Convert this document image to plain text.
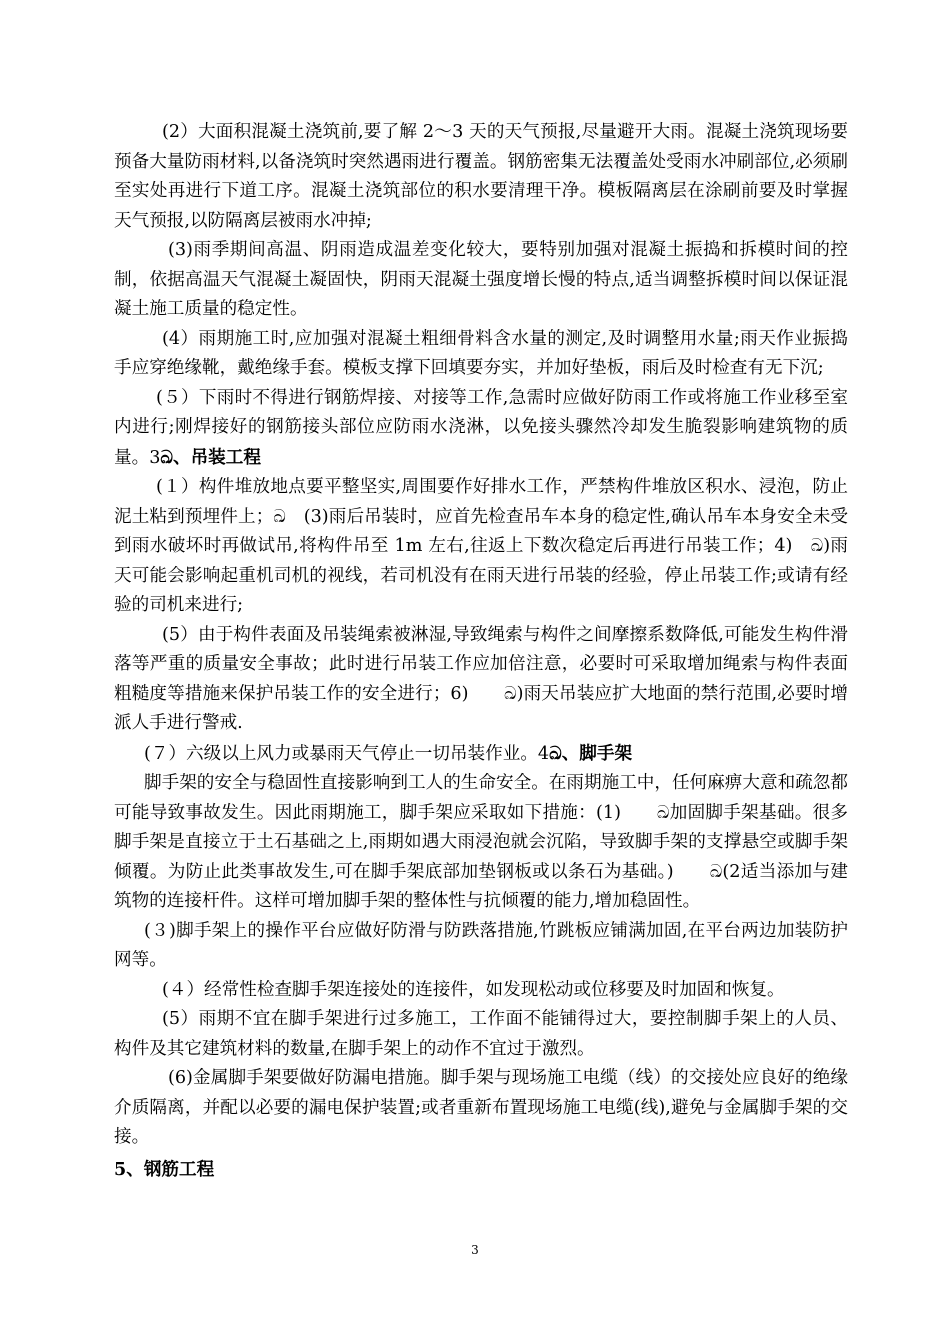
(2）大面积混凝土浇筑前,要了解 2～3 天的天气预报,尽量避开大雨。混凝土浇筑现场要预备大量防雨材料,以备浇筑时突然遇雨进行覆盖。钢筋密集无法覆盖处受雨水冲刷部位,必须刷至实处再进行下道工序。混凝土浇筑部位的积水要清理干净。模板隔离层在涂刷前要及时掌握天气预报,以防隔离层被雨水冲掉;
(3)雨季期间高温、阴雨造成温差变化较大，要特别加强对混凝土振捣和拆模时间的控制，依据高温天气混凝土凝固快，阴雨天混凝土强度增长慢的特点,适当调整拆模时间以保证混凝土施工质量的稳定性。
(4）雨期施工时,应加强对混凝土粗细骨料含水量的测定,及时调整用水量;雨天作业振捣手应穿绝缘靴，戴绝缘手套。模板支撑下回填要夯实，并加好垫板，雨后及时检查有无下沉;
(５）下雨时不得进行钢筋焊接、对接等工作,急需时应做好防雨工作或将施工作业移至室内进行;刚焊接好的钢筋接头部位应防雨水浇淋，以免接头骤然冷却发生脆裂影响建筑物的质量。3ඛ、吊装工程
(１）构件堆放地点要平整坚实,周围要作好排水工作，严禁构件堆放区积水、浸泡，防止泥土粘到预埋件上；ඛ　(3)雨后吊装时，应首先检查吊车本身的稳定性,确认吊车本身安全未受到雨水破坏时再做试吊,将构件吊至 1m 左右,往返上下数次稳定后再进行吊装工作；4)　ඛ)雨天可能会影响起重机司机的视线，若司机没有在雨天进行吊装的经验，停止吊装工作;或请有经验的司机来进行;
(5）由于构件表面及吊装绳索被淋湿,导致绳索与构件之间摩擦系数降低,可能发生构件滑落等严重的质量安全事故；此时进行吊装工作应加倍注意，必要时可采取增加绳索与构件表面粗糙度等措施来保护吊装工作的安全进行；6)　　ඛ)雨天吊装应扩大地面的禁行范围,必要时增派人手进行警戒.
(７）六级以上风力或暴雨天气停止一切吊装作业。4ඛ、脚手架
脚手架的安全与稳固性直接影响到工人的生命安全。在雨期施工中，任何麻痹大意和疏忽都可能导致事故发生。因此雨期施工，脚手架应采取如下措施：(1)　　ඛ加固脚手架基础。很多脚手架是直接立于土石基础之上,雨期如遇大雨浸泡就会沉陷，导致脚手架的支撑悬空或脚手架倾覆。为防止此类事故发生,可在脚手架底部加垫钢板或以条石为基础。)　　ඛ(2适当添加与建筑物的连接杆件。这样可增加脚手架的整体性与抗倾覆的能力,增加稳固性。
(３)脚手架上的操作平台应做好防滑与防跌落措施,竹跳板应铺满加固,在平台两边加装防护网等。
(４）经常性检查脚手架连接处的连接件，如发现松动或位移要及时加固和恢复。
(5）雨期不宜在脚手架进行过多施工，工作面不能铺得过大，要控制脚手架上的人员、构件及其它建筑材料的数量,在脚手架上的动作不宜过于激烈。
(6)金属脚手架要做好防漏电措施。脚手架与现场施工电缆（线）的交接处应良好的绝缘介质隔离，并配以必要的漏电保护装置;或者重新布置现场施工电缆(线),避免与金属脚手架的交接。
5、钢筋工程
3
